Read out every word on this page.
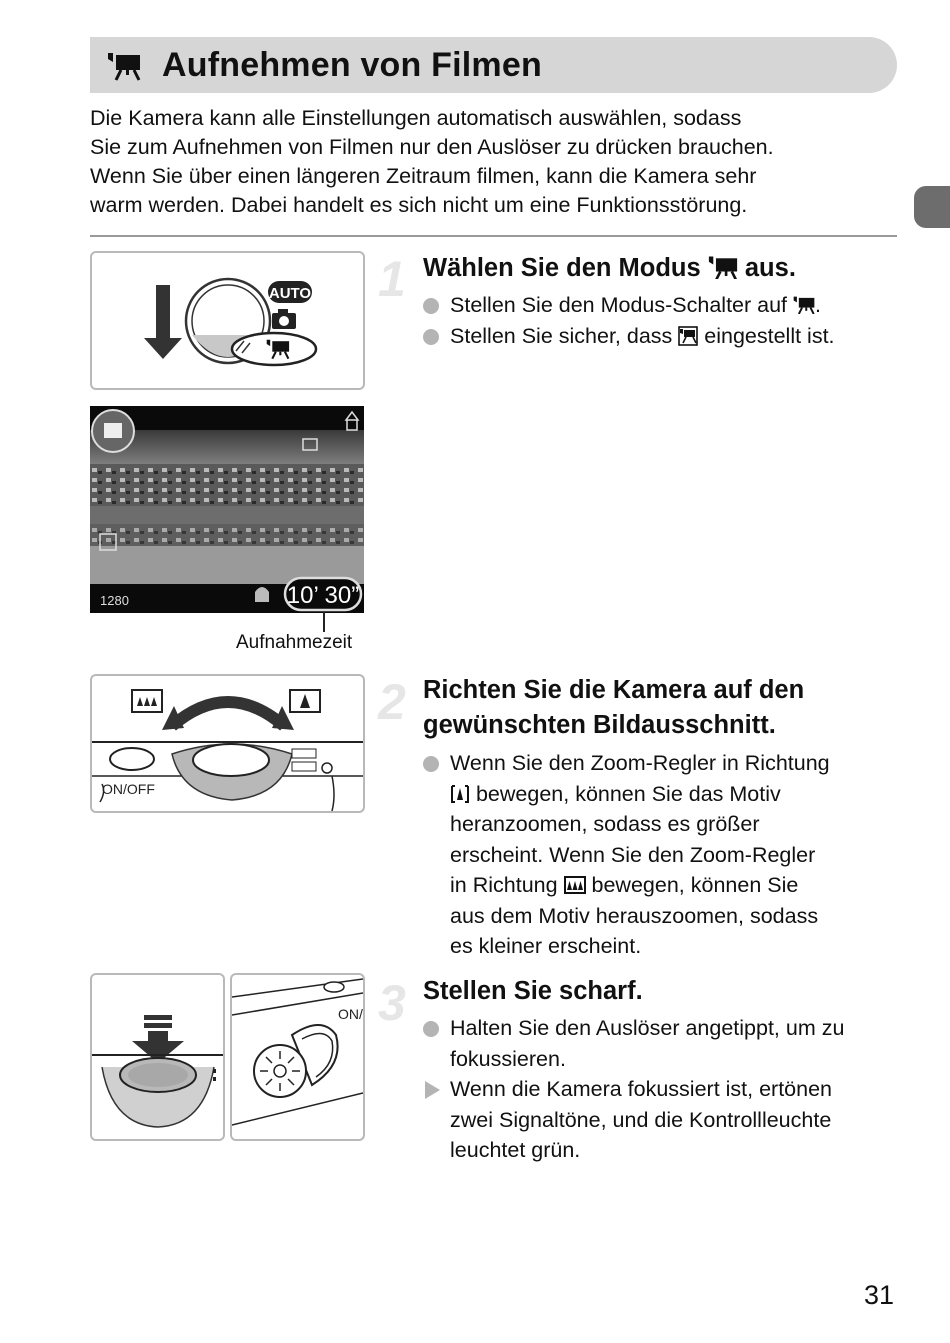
Aufnehmen von Filmen
Die Kamera kann alle Einstellungen automatisch auswählen, sodass
Sie zum Aufnehmen von Filmen nur den Auslöser zu drücken brauchen.
Wenn Sie über einen längeren Zeitraum filmen, kann die Kamera sehr
warm werden. Dabei handelt es sich nicht um eine Funktionsstörung.
AUTO 1 Wählen Sie den Modus aus.
Stellen Sie den Modus-Schalter auf .
Stellen Sie sicher, dass eingestellt ist.
1280	10’ 30”
Aufnahmezeit
ON/OFF
2 Richten Sie die Kamera auf den
gewünschten Bildausschnitt.
Wenn Sie den Zoom-Regler in Richtung
bewegen, können Sie das Motiv
heranzoomen, sodass es größer
erscheint. Wenn Sie den Zoom-Regler
in Richtung  bewegen, können Sie
aus dem Motiv herauszoomen, sodass
es kleiner erscheint.
ON/ 3 Stellen Sie scharf.
Halten Sie den Auslöser angetippt, um zu
fokussieren.
Wenn die Kamera fokussiert ist, ertönen
zwei Signaltöne, und die Kontrollleuchte
leuchtet grün.
31
